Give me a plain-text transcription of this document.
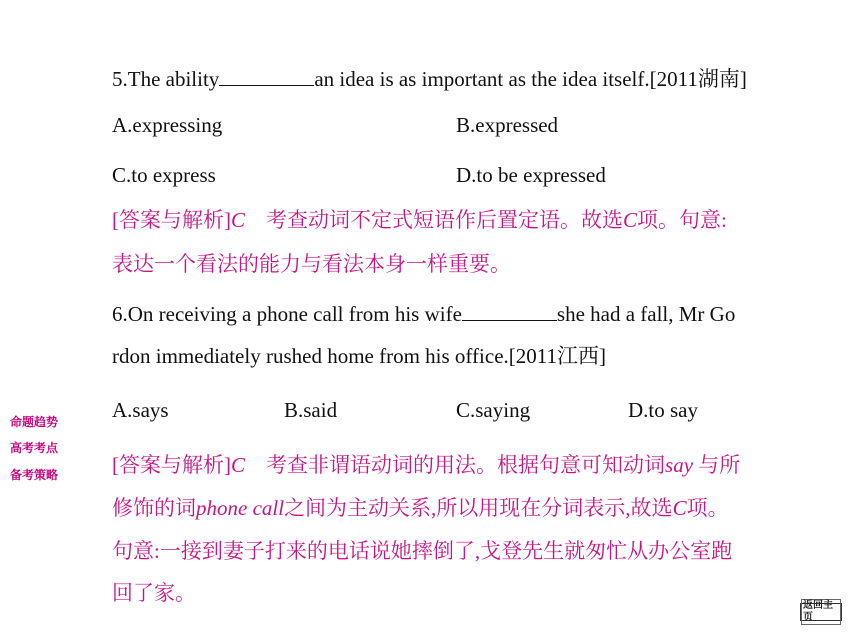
5.The ability	an idea is as important as the idea itself.[2011湖南]
A.expressing	B.expressed
C.to express	D.to be expressed
[答案与解析]C　考查动词不定式短语作后置定语。故选C项。句意:
表达一个看法的能力与看法本身一样重要。
6.On receiving a phone call from his wife	she had a fall, Mr Go
rdon immediately rushed home from his office.[2011江西]
A.says	B.said	C.saying	D.to say
[答案与解析]C　考查非谓语动词的用法。根据句意可知动词say 与所
修饰的词phone call之间为主动关系,所以用现在分词表示,故选C项。
句意:一接到妻子打来的电话说她摔倒了,戈登先生就匆忙从办公室跑
回了家。
命题趋势
高考考点
备考策略
返回主页
